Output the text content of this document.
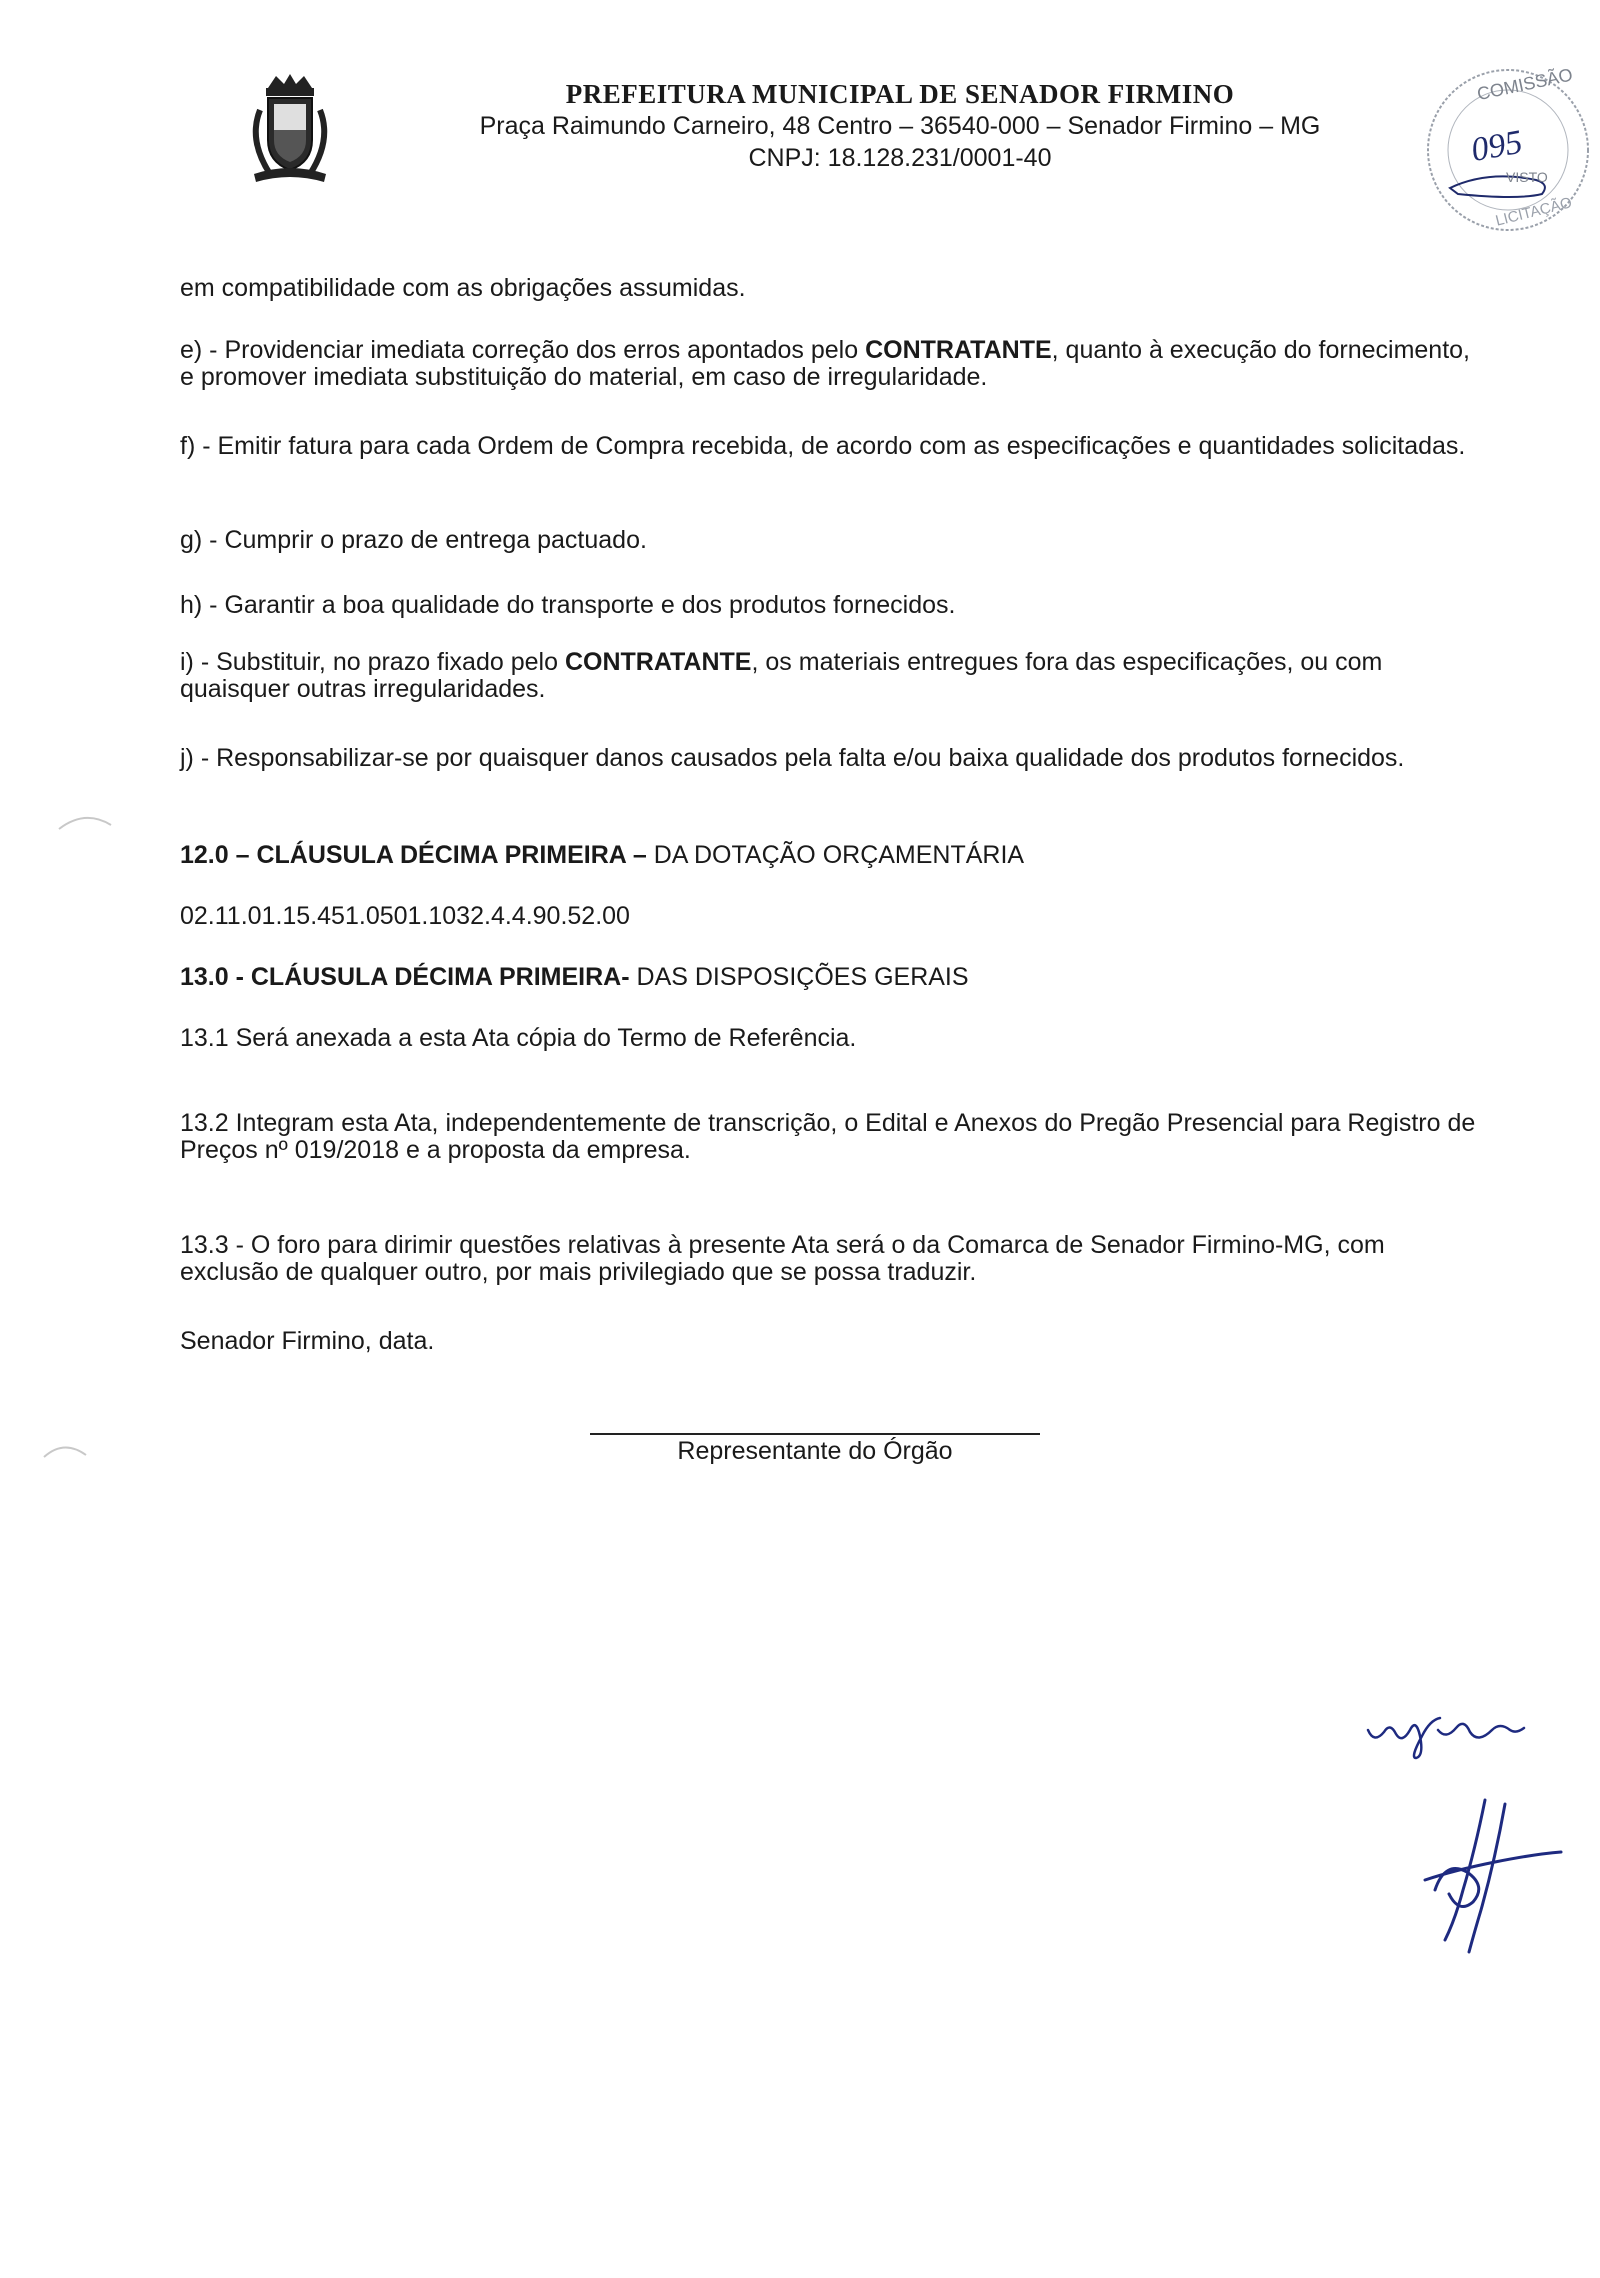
PREFEITURA MUNICIPAL DE SENADOR FIRMINO
Praça Raimundo Carneiro, 48 Centro – 36540-000 – Senador Firmino – MG
CNPJ: 18.128.231/0001-40
COMISSÃO
095
VISTO
LICITAÇÃO
em compatibilidade com as obrigações assumidas.
e) - Providenciar imediata correção dos erros apontados pelo CONTRATANTE, quanto à execução do fornecimento, e promover imediata substituição do material, em caso de irregularidade.
f) - Emitir fatura para cada Ordem de Compra recebida, de acordo com as especificações e quantidades solicitadas.
g) - Cumprir o prazo de entrega pactuado.
h) - Garantir a boa qualidade do transporte e dos produtos fornecidos.
i) - Substituir, no prazo fixado pelo CONTRATANTE, os materiais entregues fora das especificações, ou com quaisquer outras irregularidades.
j) - Responsabilizar-se por quaisquer danos causados pela falta e/ou baixa qualidade dos produtos fornecidos.
12.0 – CLÁUSULA DÉCIMA PRIMEIRA – DA DOTAÇÃO ORÇAMENTÁRIA
02.11.01.15.451.0501.1032.4.4.90.52.00
13.0 - CLÁUSULA DÉCIMA PRIMEIRA- DAS DISPOSIÇÕES GERAIS
13.1 Será anexada a esta Ata cópia do Termo de Referência.
13.2 Integram esta Ata, independentemente de transcrição, o Edital e Anexos do Pregão Presencial para Registro de Preços nº 019/2018 e a proposta da empresa.
13.3 - O foro para dirimir questões relativas à presente Ata será o da Comarca de Senador Firmino-MG, com exclusão de qualquer outro, por mais privilegiado que se possa traduzir.
Senador Firmino, data.
Representante do Órgão
